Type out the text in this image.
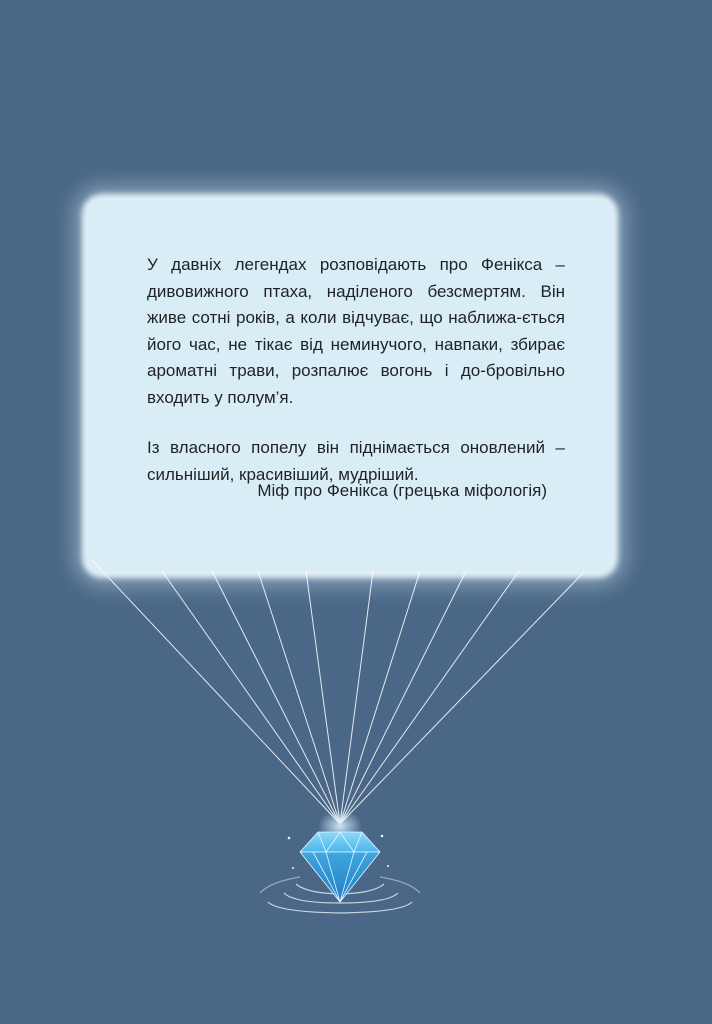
У давніх легендах розповідають про Фенікса – дивовижного птаха, наділеного безсмертям. Він живе сотні років, а коли відчуває, що наближа-ється його час, не тікає від неминучого, навпаки, збирає ароматні трави, розпалює вогонь і до-бровільно входить у полум’я.

Із власного попелу він піднімається оновлений – сильніший, красивіший, мудріший.

Міф про Фенікса (грецька міфологія)
